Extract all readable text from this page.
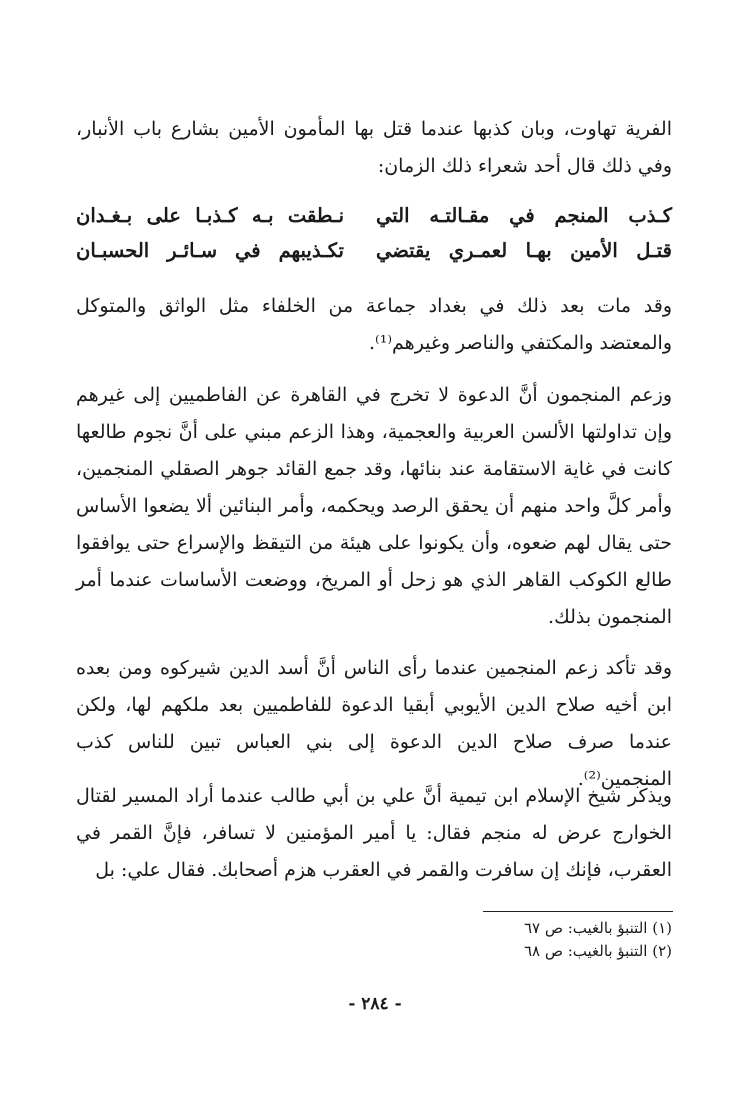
الفرية تهاوت، وبان كذبها عندما قتل بها المأمون الأمين بشارع باب الأنبار، وفي ذلك قال أحد شعراء ذلك الزمان:

كـذب المنجم في مقـالتـه التي
نـطقت بـه كـذبـا على بـغـدان
قتـل الأمين بهـا لعمـري يقتضي
تكـذيبهم في سـائـر الحسبـان

وقد مات بعد ذلك في بغداد جماعة من الخلفاء مثل الواثق والمتوكل والمعتضد والمكتفي والناصر وغيرهم⁽¹⁾.

وزعم المنجمون أنَّ الدعوة لا تخرج في القاهرة عن الفاطميين إلى غيرهم وإن تداولتها الألسن العربية والعجمية، وهذا الزعم مبني على أنَّ نجوم طالعها كانت في غاية الاستقامة عند بنائها، وقد جمع القائد جوهر الصقلي المنجمين، وأمر كلَّ واحد منهم أن يحقق الرصد ويحكمه، وأمر البنائين ألا يضعوا الأساس حتى يقال لهم ضعوه، وأن يكونوا على هيئة من التيقظ والإسراع حتى يوافقوا طالع الكوكب القاهر الذي هو زحل أو المريخ، ووضعت الأساسات عندما أمر المنجمون بذلك.

وقد تأكد زعم المنجمين عندما رأى الناس أنَّ أسد الدين شيركوه ومن بعده ابن أخيه صلاح الدين الأيوبي أبقيا الدعوة للفاطميين بعد ملكهم لها، ولكن عندما صرف صلاح الدين الدعوة إلى بني العباس تبين للناس كذب المنجمين⁽²⁾.

ويذكر شيخ الإسلام ابن تيمية أنَّ علي بن أبي طالب عندما أراد المسير لقتال الخوارج عرض له منجم فقال: يا أمير المؤمنين لا تسافر، فإنَّ القمر في العقرب، فإنك إن سافرت والقمر في العقرب هزم أصحابك. فقال علي: بل

(١) التنبؤ بالغيب: ص ٦٧
(٢) التنبؤ بالغيب: ص ٦٨
- ٢٨٤ -
